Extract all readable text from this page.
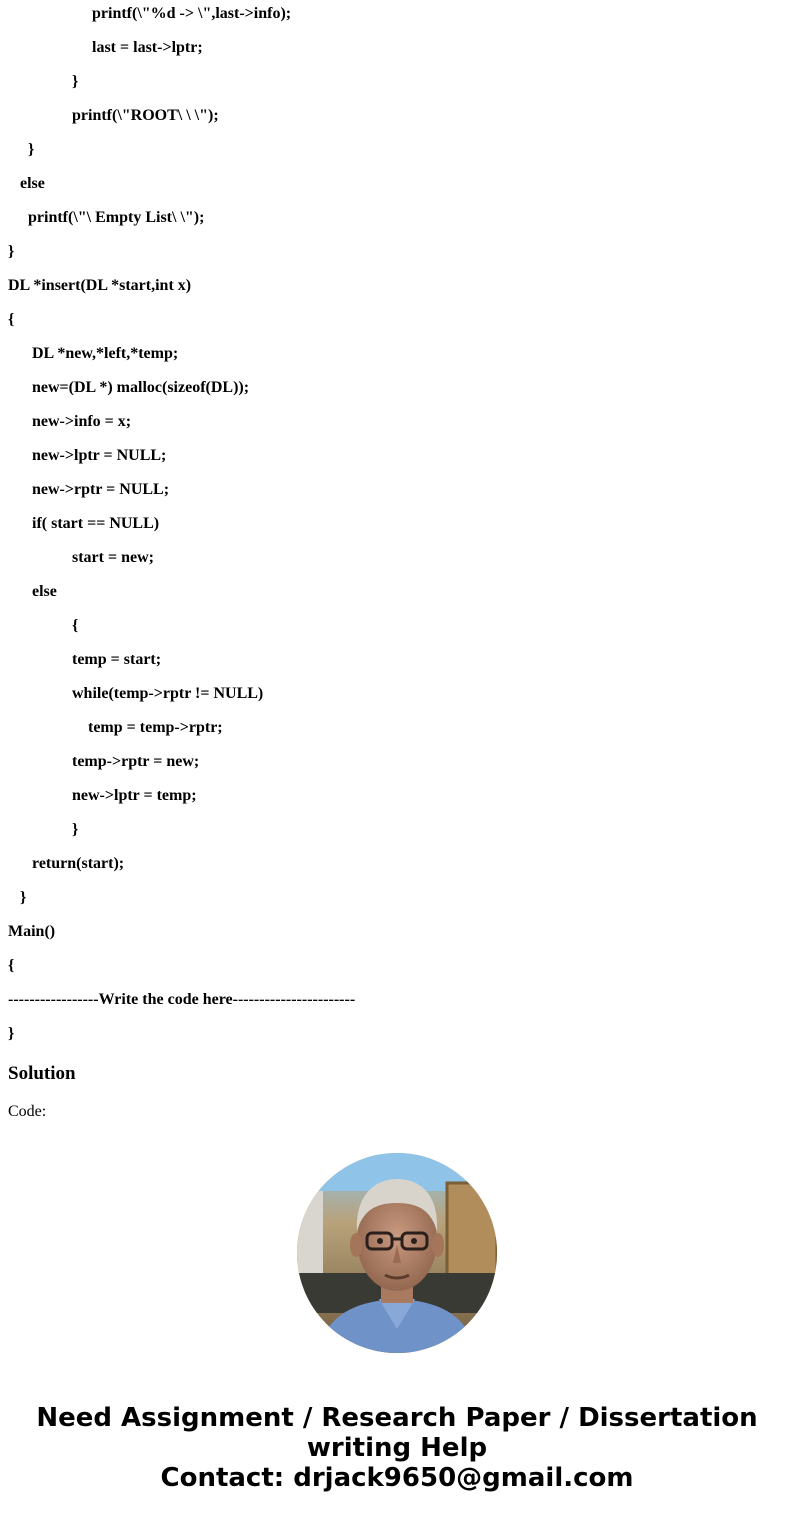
printf(\"%d -> \",last->info);
last = last->lptr;
}
printf(\"ROOT\ \ \");
}
else
printf(\"\ Empty List\ \");
}
DL *insert(DL *start,int x)
{
DL *new,*left,*temp;
new=(DL *) malloc(sizeof(DL));
new->info = x;
new->lptr = NULL;
new->rptr = NULL;
if( start == NULL)
start = new;
else
{
temp = start;
while(temp->rptr != NULL)
temp = temp->rptr;
temp->rptr = new;
new->lptr = temp;
}
return(start);
}
Main()
{
-----------------Write the code here-----------------------
}
Solution
Code:
Need Assignment / Research Paper / Dissertation
writing Help
Contact: drjack9650@gmail.com
